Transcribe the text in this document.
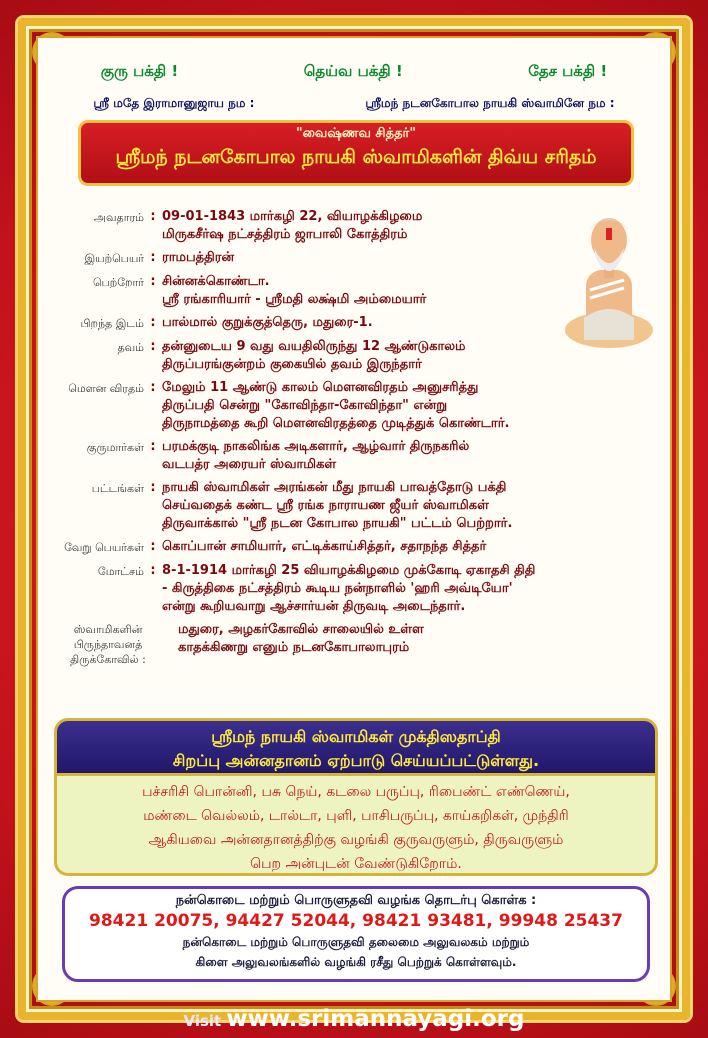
குரு பக்தி !	தெய்வ பக்தி !	தேச பக்தி !
ஸ்ரீ மதே இராமானுஜாய நம :	ஸ்ரீமந் நடனகோபால நாயகி ஸ்வாமினே நம :
"வைஷ்ணவ சித்தர்"
ஸ்ரீமந் நடனகோபால நாயகி ஸ்வாமிகளின் திவ்ய சரிதம்
அவதாரம் : 09-01-1843 மார்கழி 22, வியாழக்கிழமை
மிருகசீர்ஷ நட்சத்திரம் ஜாபாலி கோத்திரம்
இயற்பெயர் : ராமபத்திரன்
பெற்றோர் : சின்னக்கொண்டா.
ஸ்ரீ ரங்காரியார் - ஸ்ரீமதி லக்ஷ்மி அம்மையார்
பிறந்த இடம் : பால்மால் குறுக்குத்தெரு, மதுரை-1.
தவம் : தன்னுடைய 9 வது வயதிலிருந்து 12 ஆண்டுகாலம்
திருப்பரங்குன்றம் குகையில் தவம் இருந்தார்
மௌன விரதம் : மேலும் 11 ஆண்டு காலம் மௌனவிரதம் அனுசரித்து
திருப்பதி சென்று "கோவிந்தா-கோவிந்தா" என்று
திருநாமத்தை கூறி மௌனவிரதத்தை முடித்துக் கொண்டார்.
குருமார்கள் : பரமக்குடி நாகலிங்க அடிகளார், ஆழ்வார் திருநகரில்
வடபத்ர அரையர் ஸ்வாமிகள்
பட்டங்கள் : நாயகி ஸ்வாமிகள் அரங்கன் மீது நாயகி பாவத்தோடு பக்தி
செய்வதைக் கண்ட ஸ்ரீ ரங்க நாராயண ஜீயர் ஸ்வாமிகள்
திருவாக்கால் "ஸ்ரீ நடன கோபால நாயகி" பட்டம் பெற்றார்.
வேறு பெயர்கள் : கொப்பான் சாமியார், எட்டிக்காய்சித்தர், சதாநந்த சித்தர்
மோட்சம் : 8-1-1914 மார்கழி 25 வியாழக்கிழமை முக்கோடி ஏகாதசி திதி
- கிருத்திகை நட்சத்திரம் கூடிய நன்நாளில் 'ஹரி அவ்டியோ'
என்று கூறியவாறு ஆச்சார்யன் திருவடி அடைந்தார்.
ஸ்வாமிகளின்
பிருந்தாவனத் திருக்கோவில் :
மதுரை, அழகர்கோவில் சாலையில் உள்ள
காதக்கிணறு எனும் நடனகோபாலாபுரம்
ஸ்ரீமந் நாயகி ஸ்வாமிகள் முக்திஸதாப்தி
சிறப்பு அன்னதானம் ஏற்பாடு செய்யப்பட்டுள்ளது.
பச்சரிசி பொன்னி, பசு நெய், கடலை பருப்பு, ரிபைண்ட் எண்ணெய்,
மண்டை வெல்லம், டால்டா, புளி, பாசிபருப்பு, காய்கறிகள், முந்திரி
ஆகியவை அன்னதானத்திற்கு வழங்கி குருவருளும், திருவருளும்
பெற அன்புடன் வேண்டுகிறோம்.
நன்கொடை மற்றும் பொருளுதவி வழங்க தொடர்பு கொள்க :
98421 20075, 94427 52044, 98421 93481, 99948 25437
நன்கொடை மற்றும் பொருளுதவி தலைமை அலுவலகம் மற்றும்
கிளை அலுவலங்களில் வழங்கி ரசீது பெற்றுக் கொள்ளவும்.
Visit www.srimannayagi.org
